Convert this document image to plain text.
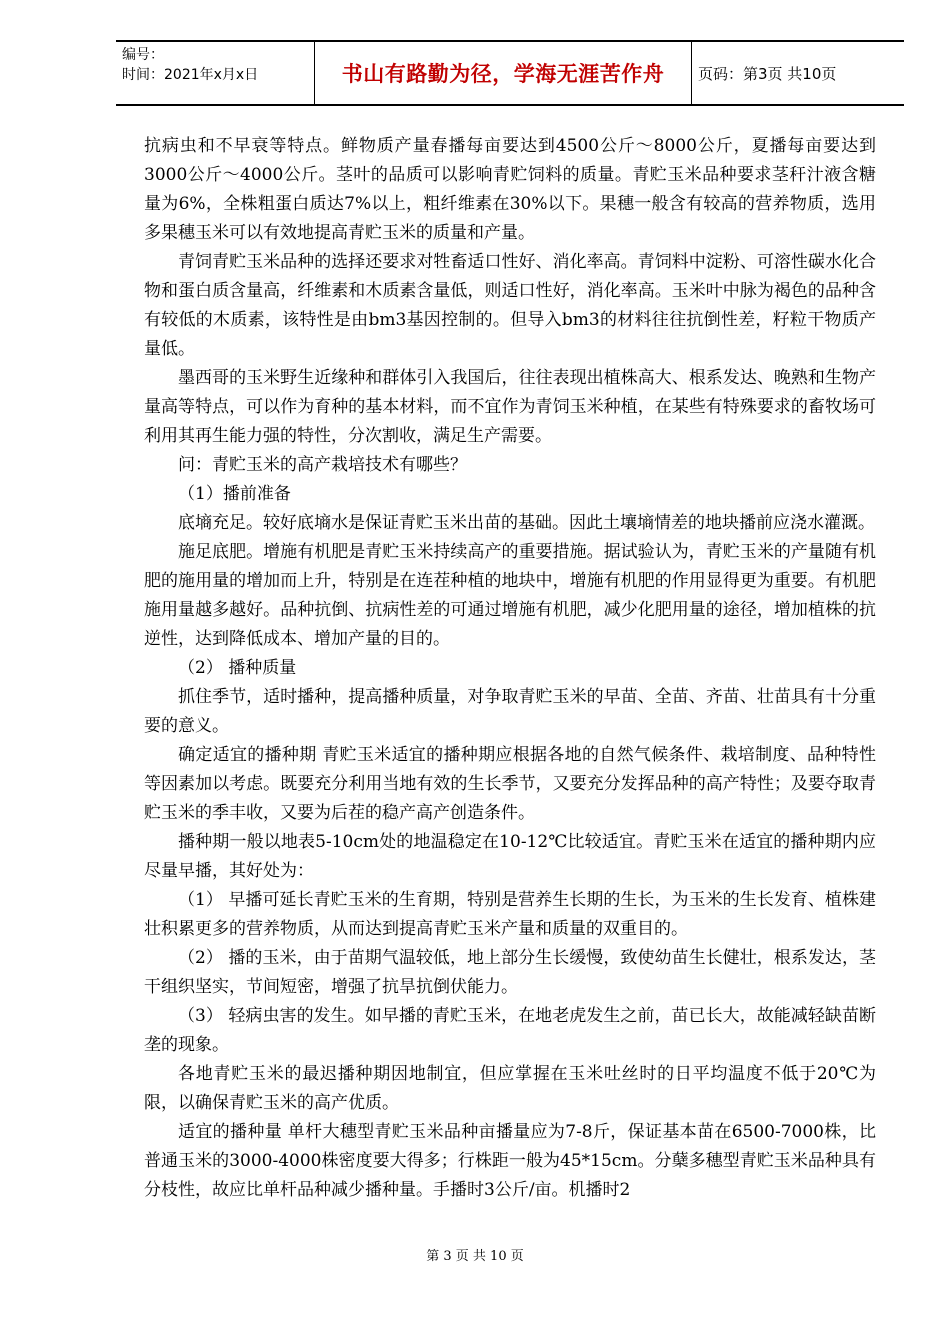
编号：
时间：2021年x月x日	书山有路勤为径，学海无涯苦作舟	页码：第3页 共10页

抗病虫和不早衰等特点。鲜物质产量春播每亩要达到4500公斤～8000公斤，夏播每亩要达到3000公斤～4000公斤。茎叶的品质可以影响青贮饲料的质量。青贮玉米品种要求茎秆汁液含糖量为6%，全株粗蛋白质达7%以上，粗纤维素在30%以下。果穗一般含有较高的营养物质，选用多果穗玉米可以有效地提高青贮玉米的质量和产量。

青饲青贮玉米品种的选择还要求对牲畜适口性好、消化率高。青饲料中淀粉、可溶性碳水化合物和蛋白质含量高，纤维素和木质素含量低，则适口性好，消化率高。玉米叶中脉为褐色的品种含有较低的木质素，该特性是由bm3基因控制的。但导入bm3的材料往往抗倒性差，籽粒干物质产量低。

墨西哥的玉米野生近缘种和群体引入我国后，往往表现出植株高大、根系发达、晚熟和生物产量高等特点，可以作为育种的基本材料，而不宜作为青饲玉米种植，在某些有特殊要求的畜牧场可利用其再生能力强的特性，分次割收，满足生产需要。

问：青贮玉米的高产栽培技术有哪些？

（1）播前准备

底墒充足。较好底墒水是保证青贮玉米出苗的基础。因此土壤墒情差的地块播前应浇水灌溉。

施足底肥。增施有机肥是青贮玉米持续高产的重要措施。据试验认为，青贮玉米的产量随有机肥的施用量的增加而上升，特别是在连茬种植的地块中，增施有机肥的作用显得更为重要。有机肥施用量越多越好。品种抗倒、抗病性差的可通过增施有机肥，减少化肥用量的途径，增加植株的抗逆性，达到降低成本、增加产量的目的。

（2） 播种质量

抓住季节，适时播种，提高播种质量，对争取青贮玉米的早苗、全苗、齐苗、壮苗具有十分重要的意义。

确定适宜的播种期 青贮玉米适宜的播种期应根据各地的自然气候条件、栽培制度、品种特性等因素加以考虑。既要充分利用当地有效的生长季节，又要充分发挥品种的高产特性；及要夺取青贮玉米的季丰收，又要为后茬的稳产高产创造条件。

播种期一般以地表5-10cm处的地温稳定在10-12℃比较适宜。青贮玉米在适宜的播种期内应尽量早播，其好处为：

（1） 早播可延长青贮玉米的生育期，特别是营养生长期的生长，为玉米的生长发育、植株建壮积累更多的营养物质，从而达到提高青贮玉米产量和质量的双重目的。

（2） 播的玉米，由于苗期气温较低，地上部分生长缓慢，致使幼苗生长健壮，根系发达，茎干组织坚实，节间短密，增强了抗旱抗倒伏能力。

（3） 轻病虫害的发生。如早播的青贮玉米，在地老虎发生之前，苗已长大，故能减轻缺苗断垄的现象。

各地青贮玉米的最迟播种期因地制宜，但应掌握在玉米吐丝时的日平均温度不低于20℃为限，以确保青贮玉米的高产优质。

适宜的播种量 单杆大穗型青贮玉米品种亩播量应为7-8斤，保证基本苗在6500-7000株，比普通玉米的3000-4000株密度要大得多；行株距一般为45*15cm。分蘖多穗型青贮玉米品种具有分枝性，故应比单杆品种减少播种量。手播时3公斤/亩。机播时2

第 3 页 共 10 页
